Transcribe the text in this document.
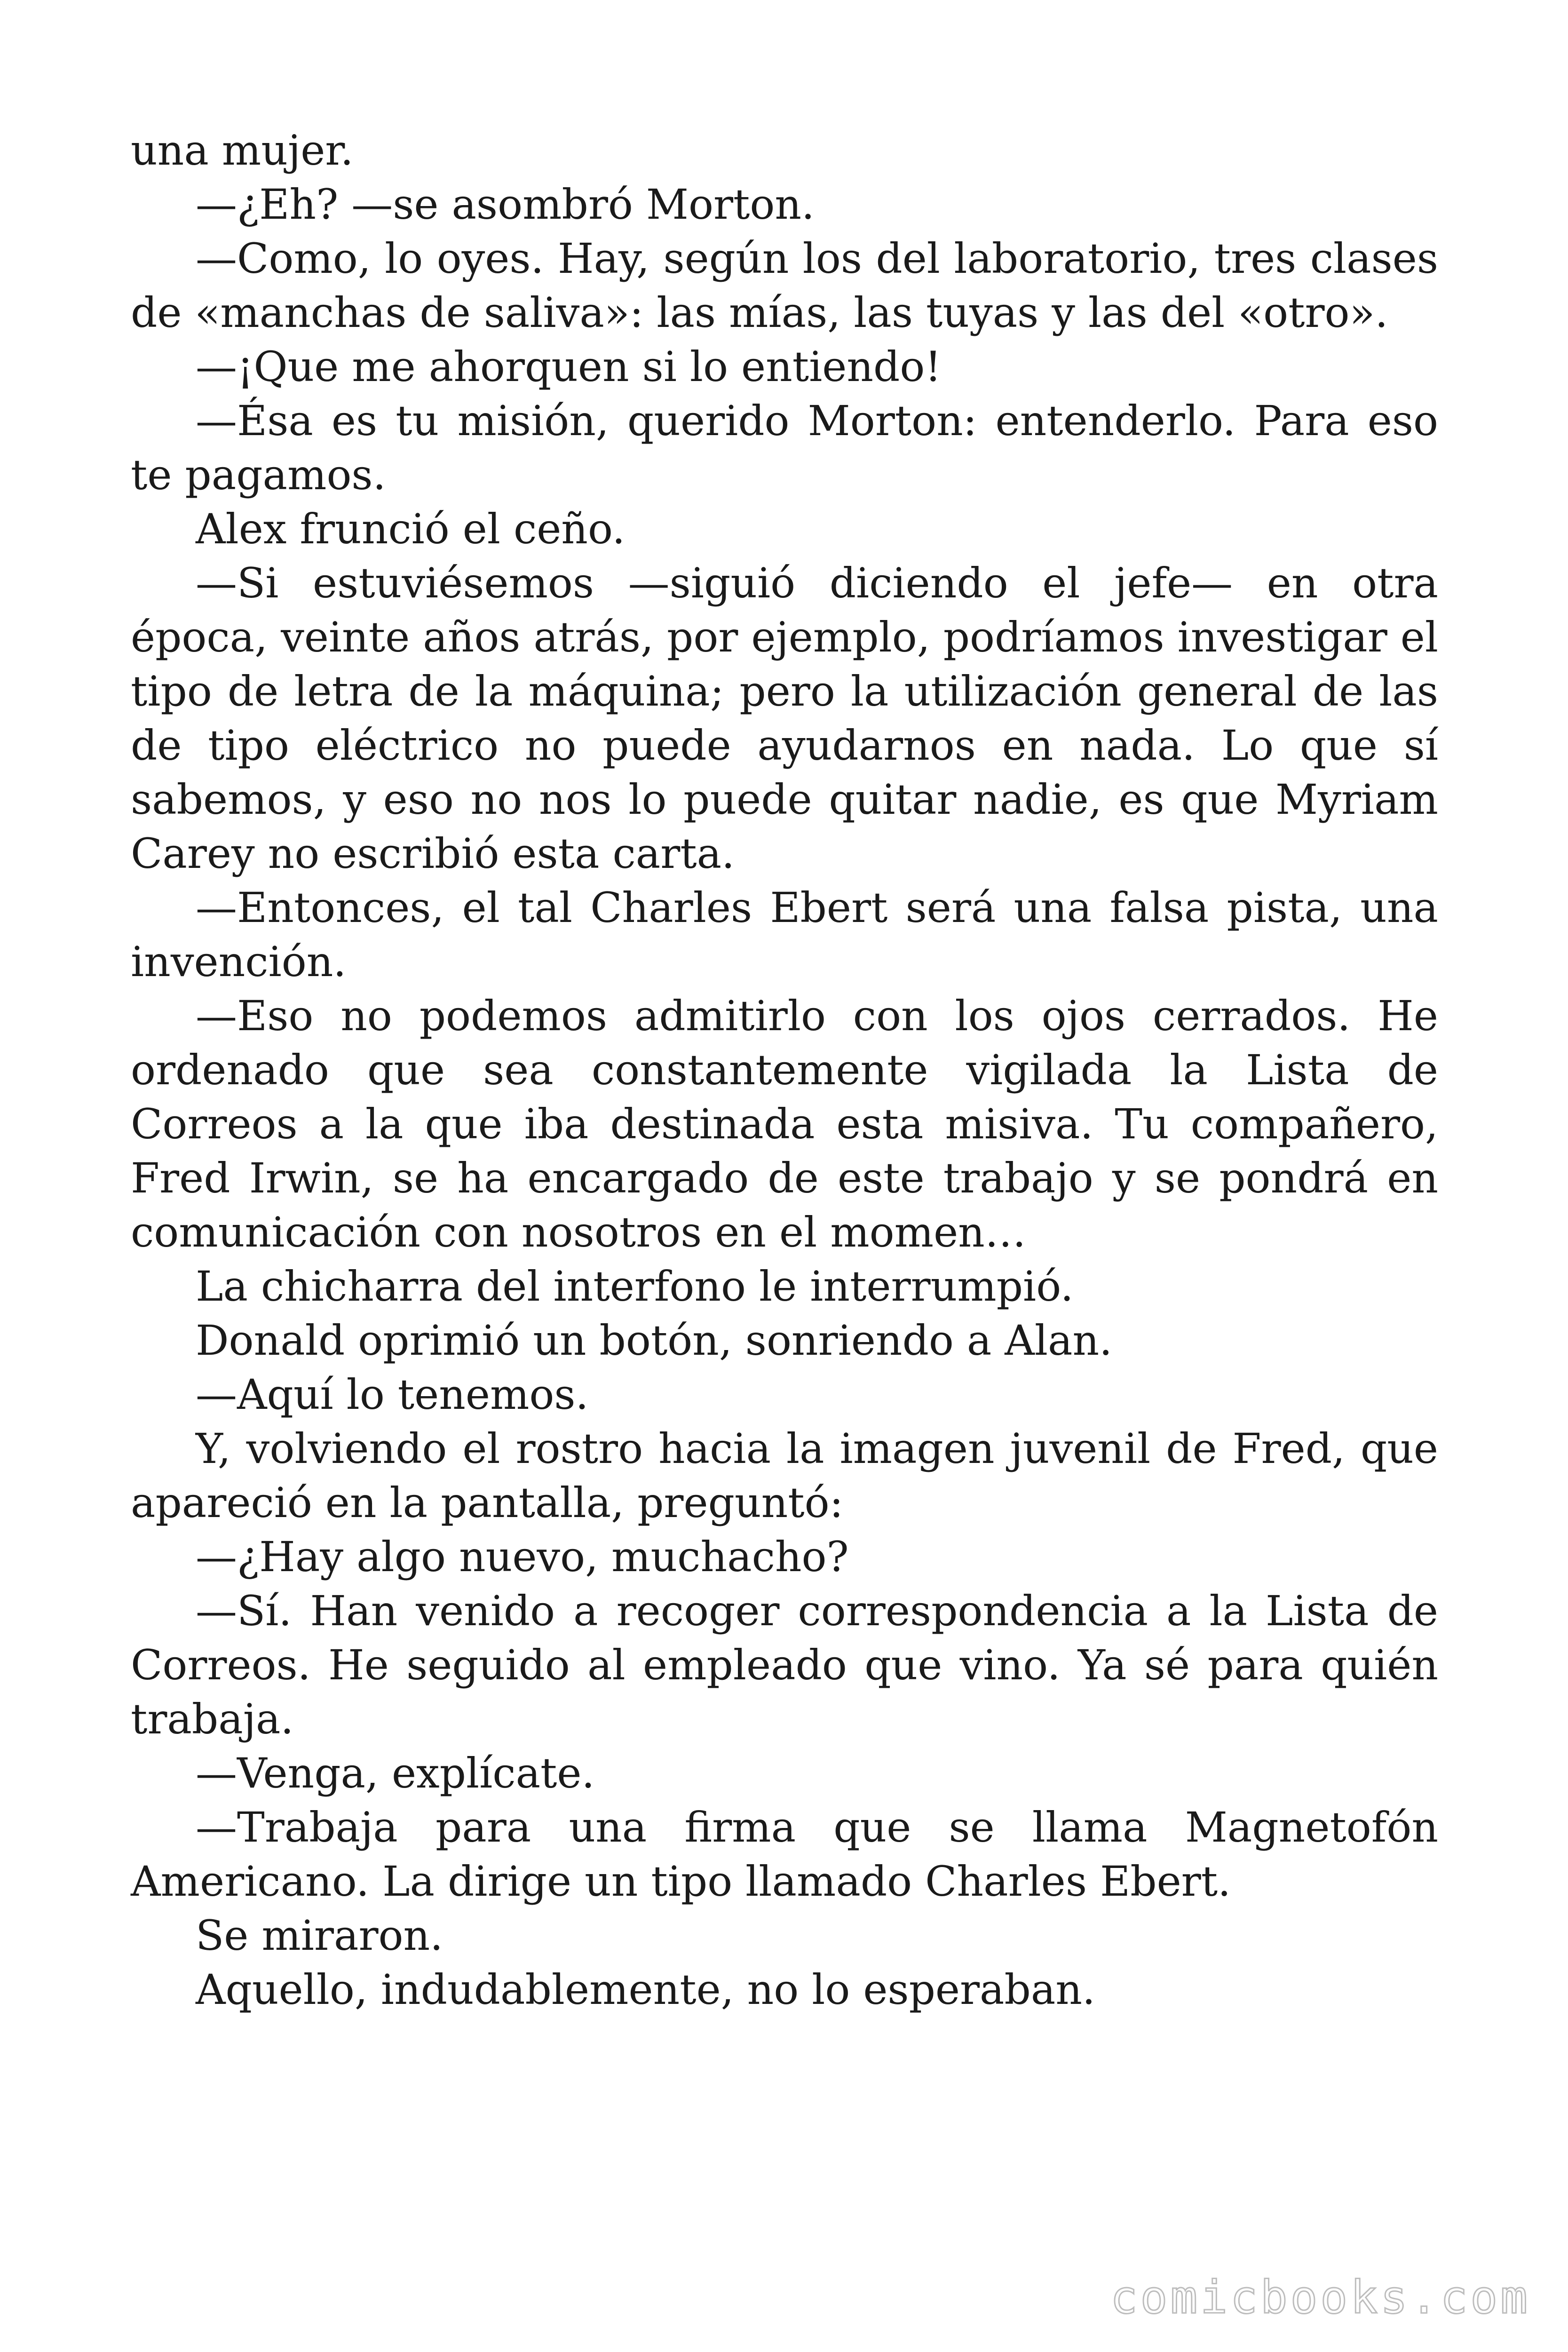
una mujer.

—¿Eh? —se asombró Morton.

—Como, lo oyes. Hay, según los del laboratorio, tres clases de «manchas de saliva»: las mías, las tuyas y las del «otro».

—¡Que me ahorquen si lo entiendo!

—Ésa es tu misión, querido Morton: entenderlo. Para eso te pagamos.

Alex frunció el ceño.

—Si estuviésemos —siguió diciendo el jefe— en otra época, veinte años atrás, por ejemplo, podríamos investigar el tipo de letra de la máquina; pero la utilización general de las de tipo eléctrico no puede ayudarnos en nada. Lo que sí sabemos, y eso no nos lo puede quitar nadie, es que Myriam Carey no escribió esta carta.

—Entonces, el tal Charles Ebert será una falsa pista, una invención.

—Eso no podemos admitirlo con los ojos cerrados. He ordenado que sea constantemente vigilada la Lista de Correos a la que iba destinada esta misiva. Tu compañero, Fred Irwin, se ha encargado de este trabajo y se pondrá en comunicación con nosotros en el momen…

La chicharra del interfono le interrumpió.

Donald oprimió un botón, sonriendo a Alan.

—Aquí lo tenemos.

Y, volviendo el rostro hacia la imagen juvenil de Fred, que apareció en la pantalla, preguntó:

—¿Hay algo nuevo, muchacho?

—Sí. Han venido a recoger correspondencia a la Lista de Correos. He seguido al empleado que vino. Ya sé para quién trabaja.

—Venga, explícate.

—Trabaja para una firma que se llama Magnetofón Americano. La dirige un tipo llamado Charles Ebert.

Se miraron.

Aquello, indudablemente, no lo esperaban.

comicbooks.com
